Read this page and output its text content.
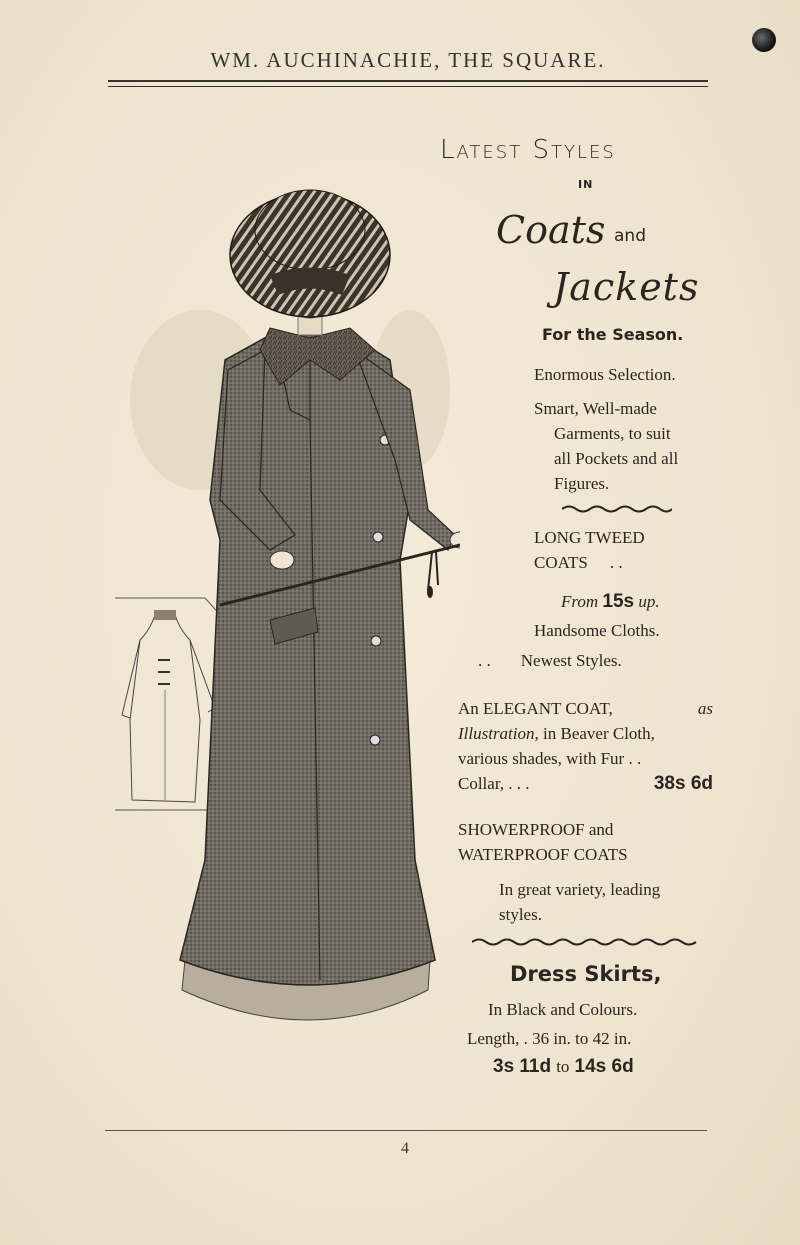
WM. AUCHINACHIE, THE SQUARE.
Latest Styles
IN
Coats and
Jackets
For the Season.
Enormous Selection.
Smart, Well-made
Garments, to suit
all Pockets and all
Figures.
LONG TWEED
COATS . .
From 15s up.
Handsome Cloths.
. . Newest Styles.
An ELEGANT COAT,	as
Illustration, in Beaver Cloth,
various shades, with Fur . .
Collar, . . .	38s 6d
SHOWERPROOF and
WATERPROOF COATS
In great variety, leading
styles.
Dress Skirts,
In Black and Colours.
Length, . 36 in. to 42 in.
3s 11d to 14s 6d
4
